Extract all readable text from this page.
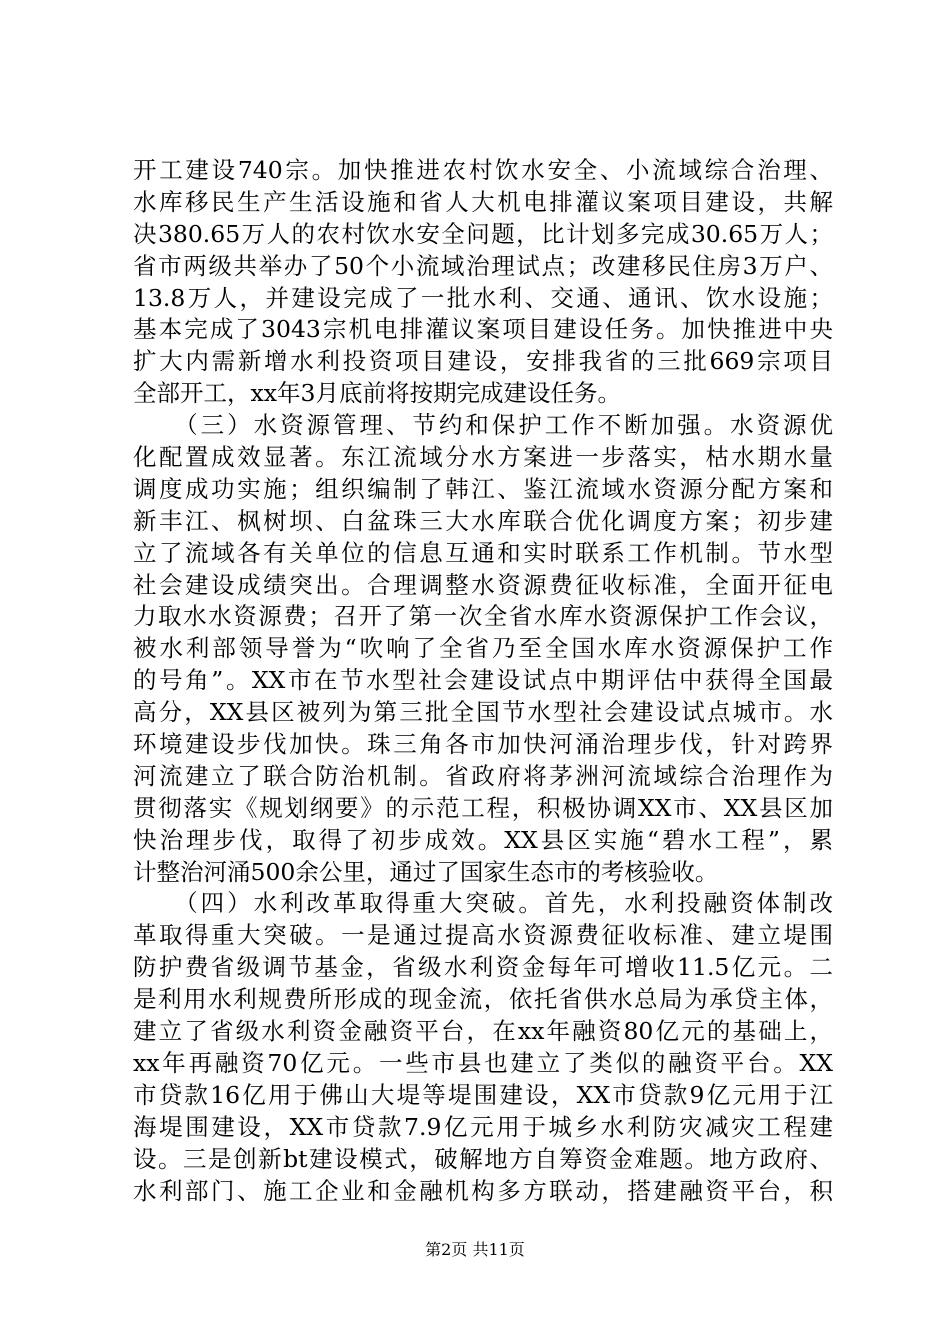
开工建设740宗。加快推进农村饮水安全、小流域综合治理、
水库移民生产生活设施和省人大机电排灌议案项目建设，共解
决380.65万人的农村饮水安全问题，比计划多完成30.65万人；
省市两级共举办了50个小流域治理试点；改建移民住房3万户、
13.8万人，并建设完成了一批水利、交通、通讯、饮水设施；
基本完成了3043宗机电排灌议案项目建设任务。加快推进中央
扩大内需新增水利投资项目建设，安排我省的三批669宗项目
全部开工，xx年3月底前将按期完成建设任务。
　　（三）水资源管理、节约和保护工作不断加强。水资源优
化配置成效显著。东江流域分水方案进一步落实，枯水期水量
调度成功实施；组织编制了韩江、鉴江流域水资源分配方案和
新丰江、枫树坝、白盆珠三大水库联合优化调度方案；初步建
立了流域各有关单位的信息互通和实时联系工作机制。节水型
社会建设成绩突出。合理调整水资源费征收标准，全面开征电
力取水水资源费；召开了第一次全省水库水资源保护工作会议，
被水利部领导誉为“吹响了全省乃至全国水库水资源保护工作
的号角”。XX市在节水型社会建设试点中期评估中获得全国最
高分，XX县区被列为第三批全国节水型社会建设试点城市。水
环境建设步伐加快。珠三角各市加快河涌治理步伐，针对跨界
河流建立了联合防治机制。省政府将茅洲河流域综合治理作为
贯彻落实《规划纲要》的示范工程，积极协调XX市、XX县区加
快治理步伐，取得了初步成效。XX县区实施“碧水工程”，累
计整治河涌500余公里，通过了国家生态市的考核验收。
　　（四）水利改革取得重大突破。首先，水利投融资体制改
革取得重大突破。一是通过提高水资源费征收标准、建立堤围
防护费省级调节基金，省级水利资金每年可增收11.5亿元。二
是利用水利规费所形成的现金流，依托省供水总局为承贷主体，
建立了省级水利资金融资平台，在xx年融资80亿元的基础上，
xx年再融资70亿元。一些市县也建立了类似的融资平台。XX
市贷款16亿用于佛山大堤等堤围建设，XX市贷款9亿元用于江
海堤围建设，XX市贷款7.9亿元用于城乡水利防灾减灾工程建
设。三是创新bt建设模式，破解地方自筹资金难题。地方政府、
水利部门、施工企业和金融机构多方联动，搭建融资平台，积
第2页 共11页
